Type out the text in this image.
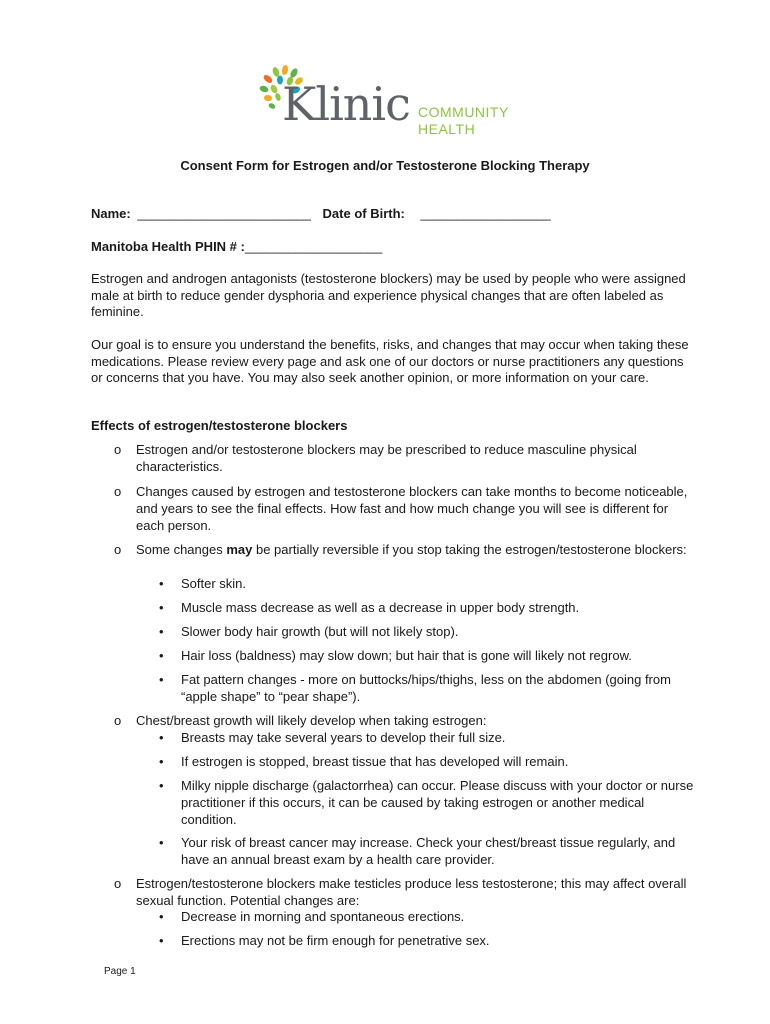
Klinic COMMUNITY
HEALTH
Consent Form for Estrogen and/or Testosterone Blocking Therapy
Name: ________________________ Date of Birth: __________________
Manitoba Health PHIN # :___________________
Estrogen and androgen antagonists (testosterone blockers) may be used by people who were assigned male at birth to reduce gender dysphoria and experience physical changes that are often labeled as feminine.
Our goal is to ensure you understand the benefits, risks, and changes that may occur when taking these medications. Please review every page and ask one of our doctors or nurse practitioners any questions or concerns that you have. You may also seek another opinion, or more information on your care.
Effects of estrogen/testosterone blockers
o Estrogen and/or testosterone blockers may be prescribed to reduce masculine physical characteristics.
o Changes caused by estrogen and testosterone blockers can take months to become noticeable, and years to see the final effects. How fast and how much change you will see is different for each person.
o Some changes may be partially reversible if you stop taking the estrogen/testosterone blockers:
• Softer skin.
• Muscle mass decrease as well as a decrease in upper body strength.
• Slower body hair growth (but will not likely stop).
• Hair loss (baldness) may slow down; but hair that is gone will likely not regrow.
• Fat pattern changes - more on buttocks/hips/thighs, less on the abdomen (going from “apple shape” to “pear shape”).
o Chest/breast growth will likely develop when taking estrogen:
• Breasts may take several years to develop their full size.
• If estrogen is stopped, breast tissue that has developed will remain.
• Milky nipple discharge (galactorrhea) can occur. Please discuss with your doctor or nurse practitioner if this occurs, it can be caused by taking estrogen or another medical condition.
• Your risk of breast cancer may increase. Check your chest/breast tissue regularly, and have an annual breast exam by a health care provider.
o Estrogen/testosterone blockers make testicles produce less testosterone; this may affect overall sexual function. Potential changes are:
• Decrease in morning and spontaneous erections.
• Erections may not be firm enough for penetrative sex.
Page 1
